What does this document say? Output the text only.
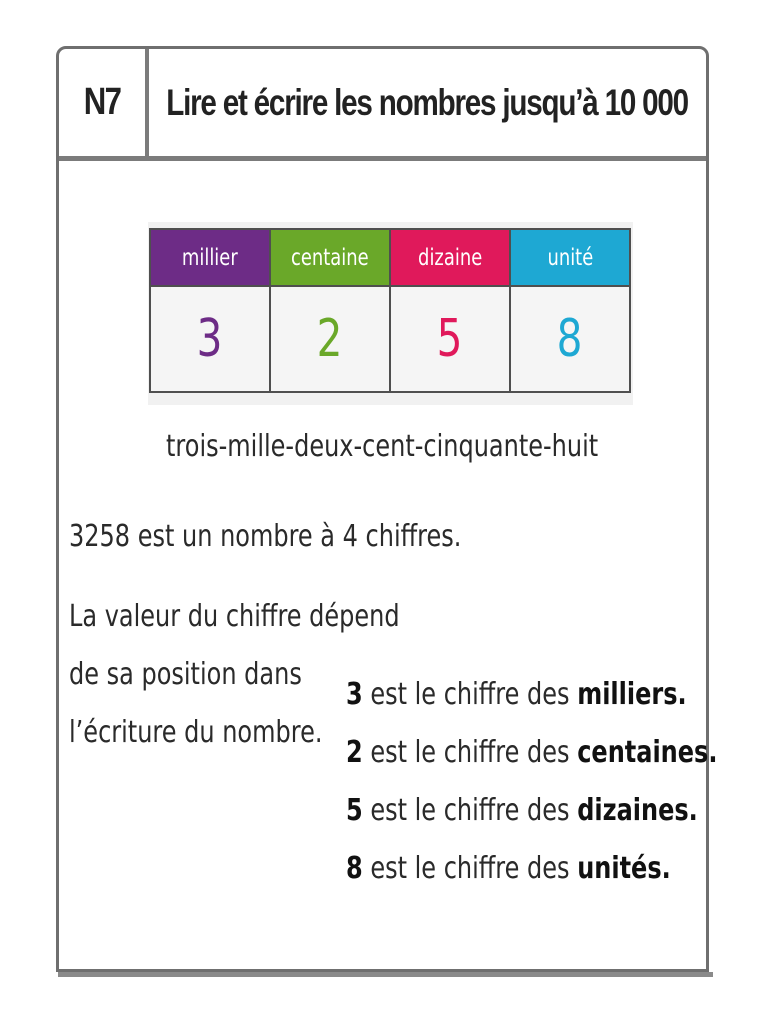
N7	Lire et écrire les nombres jusqu’à 10 000
millier	centaine	dizaine	unité
3	2	5	8
trois-mille-deux-cent-cinquante-huit
3258 est un nombre à 4 chiffres.
La valeur du chiffre dépend
de sa position dans
l’écriture du nombre.
3 est le chiffre des milliers.
2 est le chiffre des centaines.
5 est le chiffre des dizaines.
8 est le chiffre des unités.
